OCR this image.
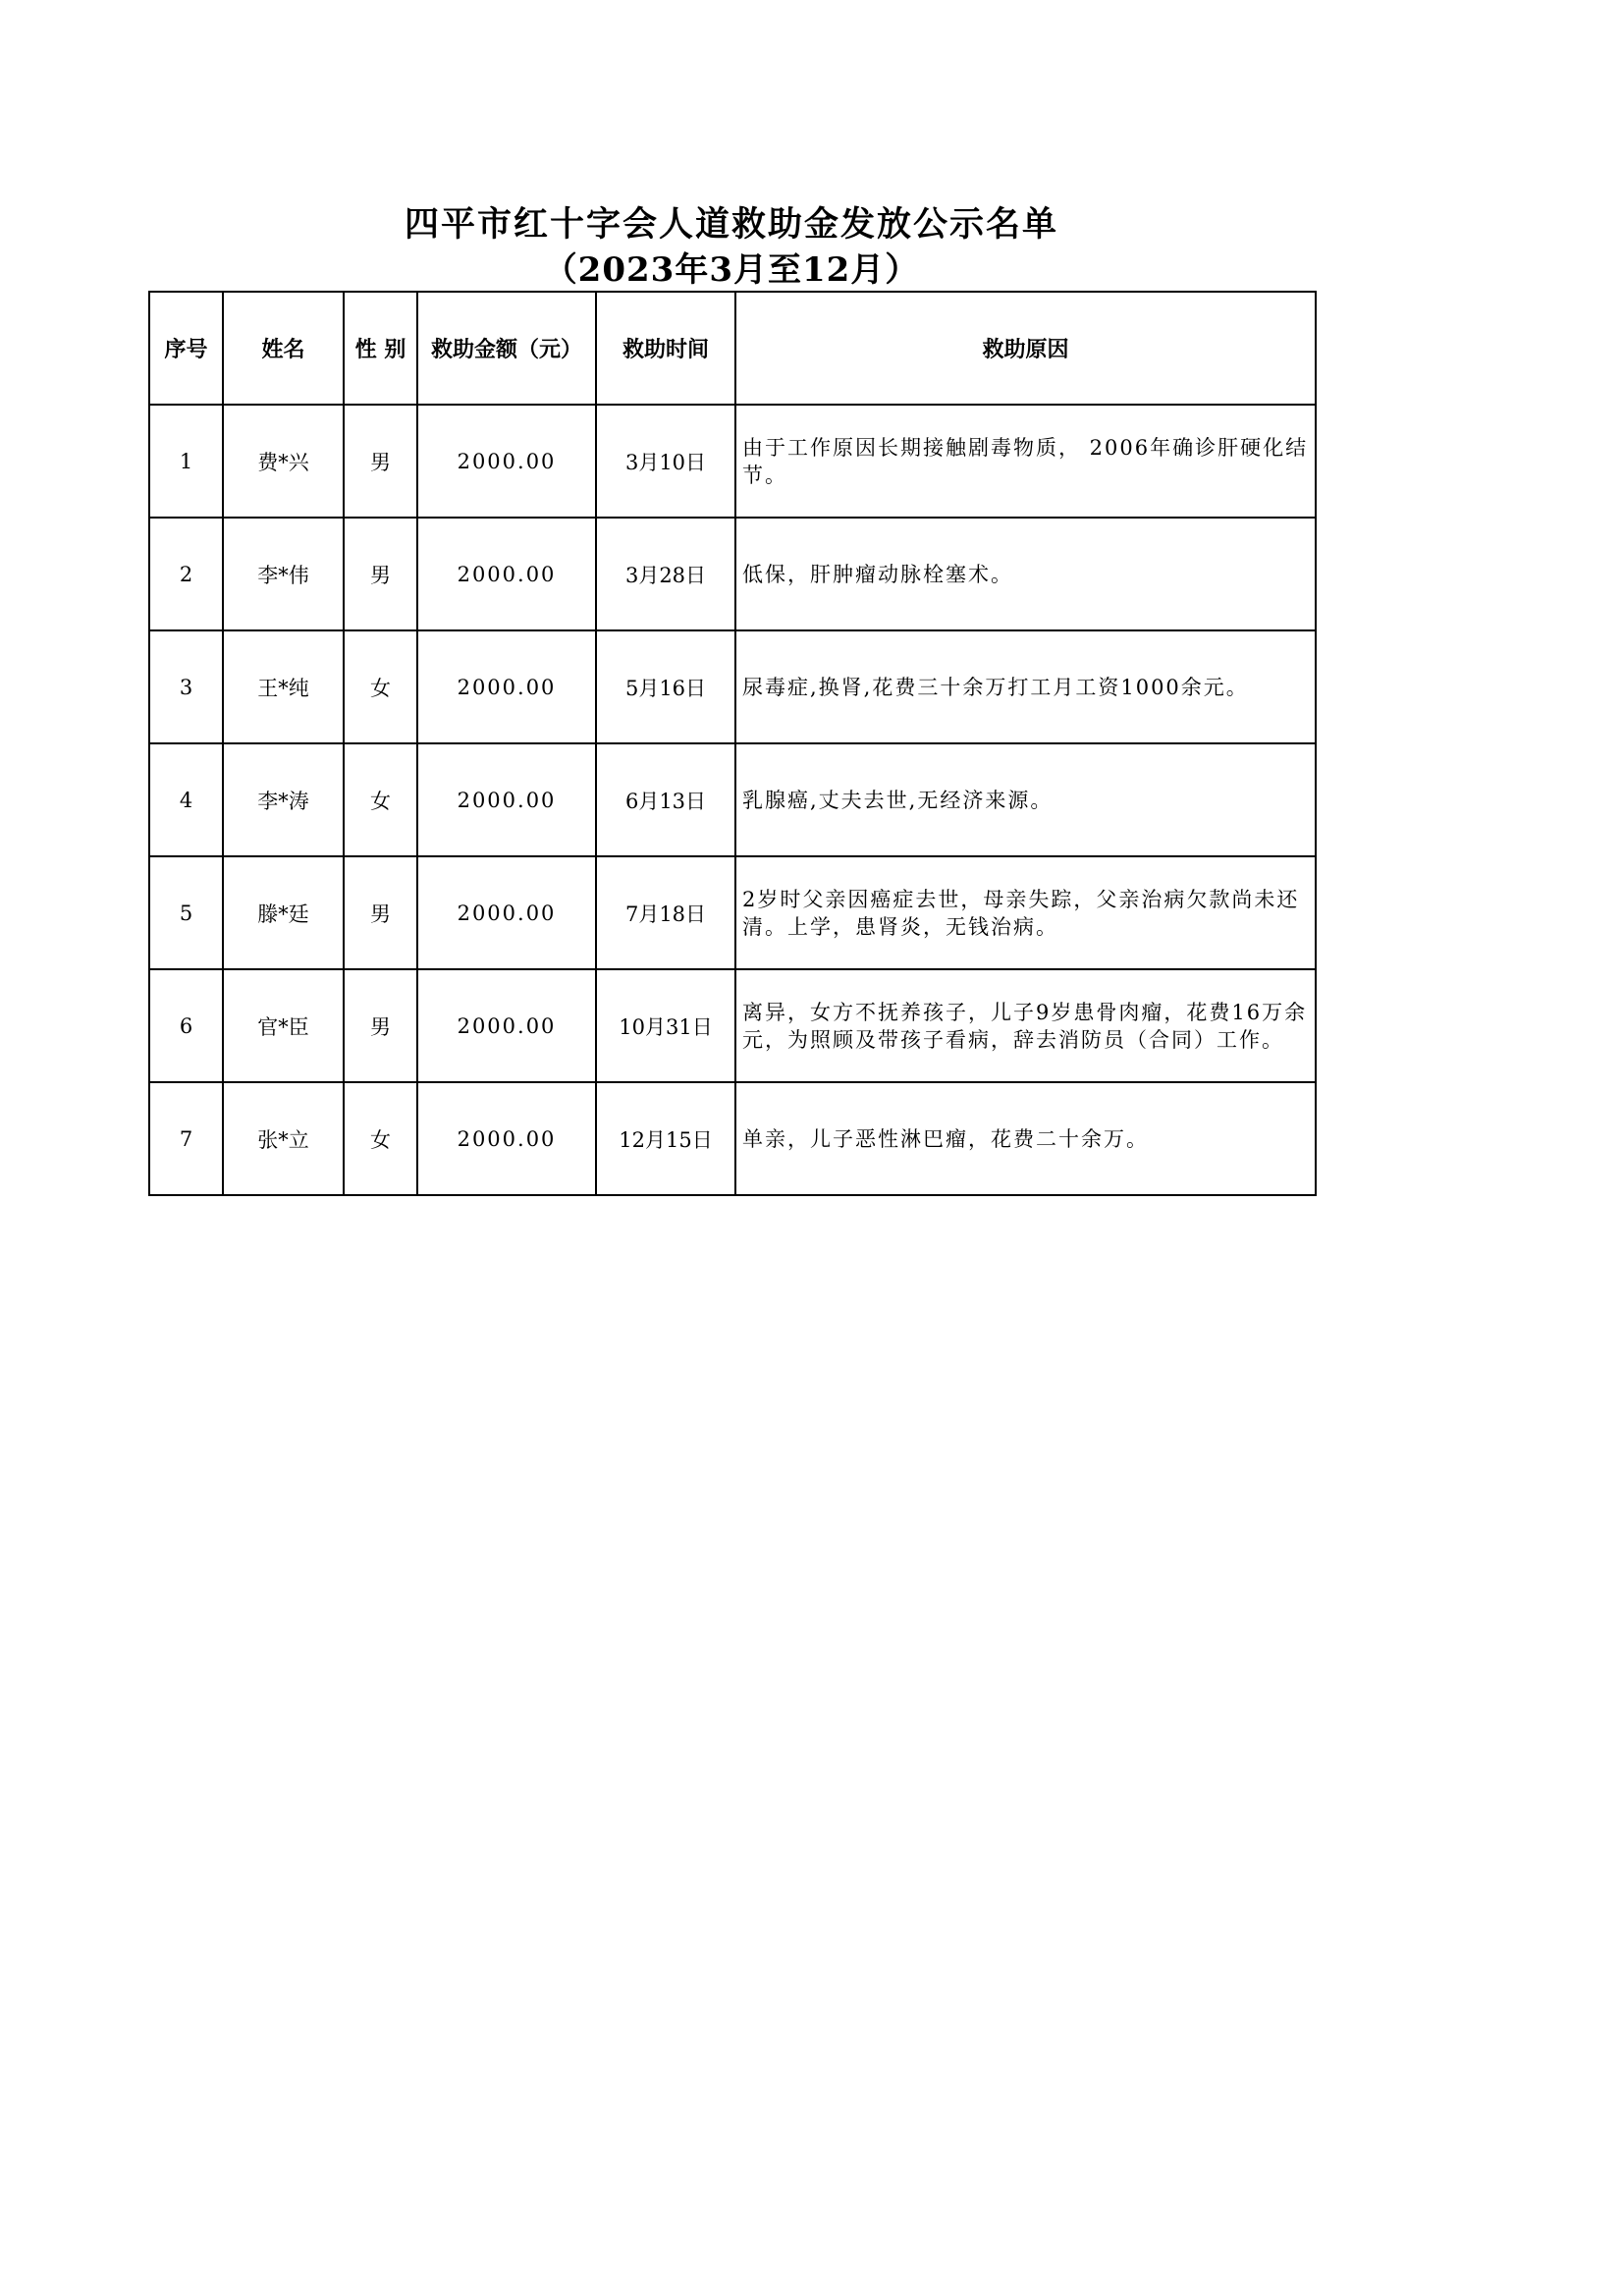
四平市红十字会人道救助金发放公示名单
（2023年3月至12月）
序号	姓名	性 别	救助金额（元）	救助时间	救助原因
1	费*兴	男	2000.00	3月10日	由于工作原因长期接触剧毒物质， 2006年确诊肝硬化结节。
2	李*伟	男	2000.00	3月28日	低保，肝肿瘤动脉栓塞术。
3	王*纯	女	2000.00	5月16日	尿毒症,换肾,花费三十余万打工月工资1000余元。
4	李*涛	女	2000.00	6月13日	乳腺癌,丈夫去世,无经济来源。
5	滕*廷	男	2000.00	7月18日	2岁时父亲因癌症去世，母亲失踪，父亲治病欠款尚未还清。上学，患肾炎，无钱治病。
6	官*臣	男	2000.00	10月31日	离异，女方不抚养孩子，儿子9岁患骨肉瘤，花费16万余元，为照顾及带孩子看病，辞去消防员（合同）工作。
7	张*立	女	2000.00	12月15日	单亲，儿子恶性淋巴瘤，花费二十余万。
